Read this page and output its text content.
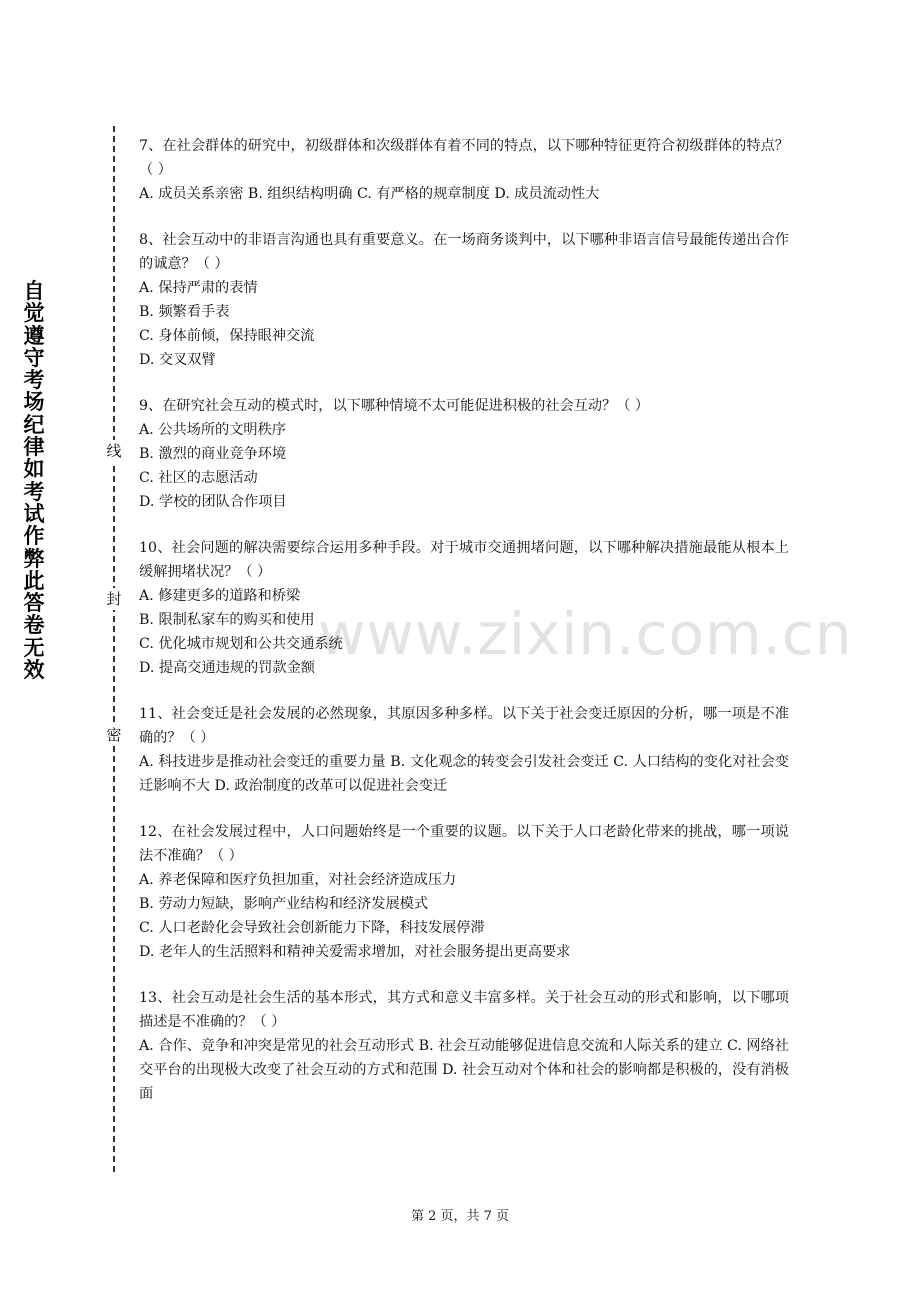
自觉遵守考场纪律如考试作弊此答卷无效
线
封
密
www.zixin.com.cn

7、在社会群体的研究中，初级群体和次级群体有着不同的特点，以下哪种特征更符合初级群体的特点？（ ）

A. 成员关系亲密 B. 组织结构明确 C. 有严格的规章制度 D. 成员流动性大

8、社会互动中的非语言沟通也具有重要意义。在一场商务谈判中，以下哪种非语言信号最能传递出合作的诚意？（ ）

A. 保持严肃的表情

B. 频繁看手表

C. 身体前倾，保持眼神交流

D. 交叉双臂

9、在研究社会互动的模式时，以下哪种情境不太可能促进积极的社会互动？（ ）

A. 公共场所的文明秩序

B. 激烈的商业竞争环境

C. 社区的志愿活动

D. 学校的团队合作项目

10、社会问题的解决需要综合运用多种手段。对于城市交通拥堵问题，以下哪种解决措施最能从根本上缓解拥堵状况？（ ）

A. 修建更多的道路和桥梁

B. 限制私家车的购买和使用

C. 优化城市规划和公共交通系统

D. 提高交通违规的罚款金额

11、社会变迁是社会发展的必然现象，其原因多种多样。以下关于社会变迁原因的分析，哪一项是不准确的？（ ）

A. 科技进步是推动社会变迁的重要力量 B. 文化观念的转变会引发社会变迁 C. 人口结构的变化对社会变迁影响不大 D. 政治制度的改革可以促进社会变迁

12、在社会发展过程中，人口问题始终是一个重要的议题。以下关于人口老龄化带来的挑战，哪一项说法不准确？（ ）

A. 养老保障和医疗负担加重，对社会经济造成压力

B. 劳动力短缺，影响产业结构和经济发展模式

C. 人口老龄化会导致社会创新能力下降，科技发展停滞

D. 老年人的生活照料和精神关爱需求增加，对社会服务提出更高要求

13、社会互动是社会生活的基本形式，其方式和意义丰富多样。关于社会互动的形式和影响，以下哪项描述是不准确的？（ ）

A. 合作、竞争和冲突是常见的社会互动形式 B. 社会互动能够促进信息交流和人际关系的建立 C. 网络社交平台的出现极大改变了社会互动的方式和范围 D. 社会互动对个体和社会的影响都是积极的，没有消极面

第 2 页，共 7 页
